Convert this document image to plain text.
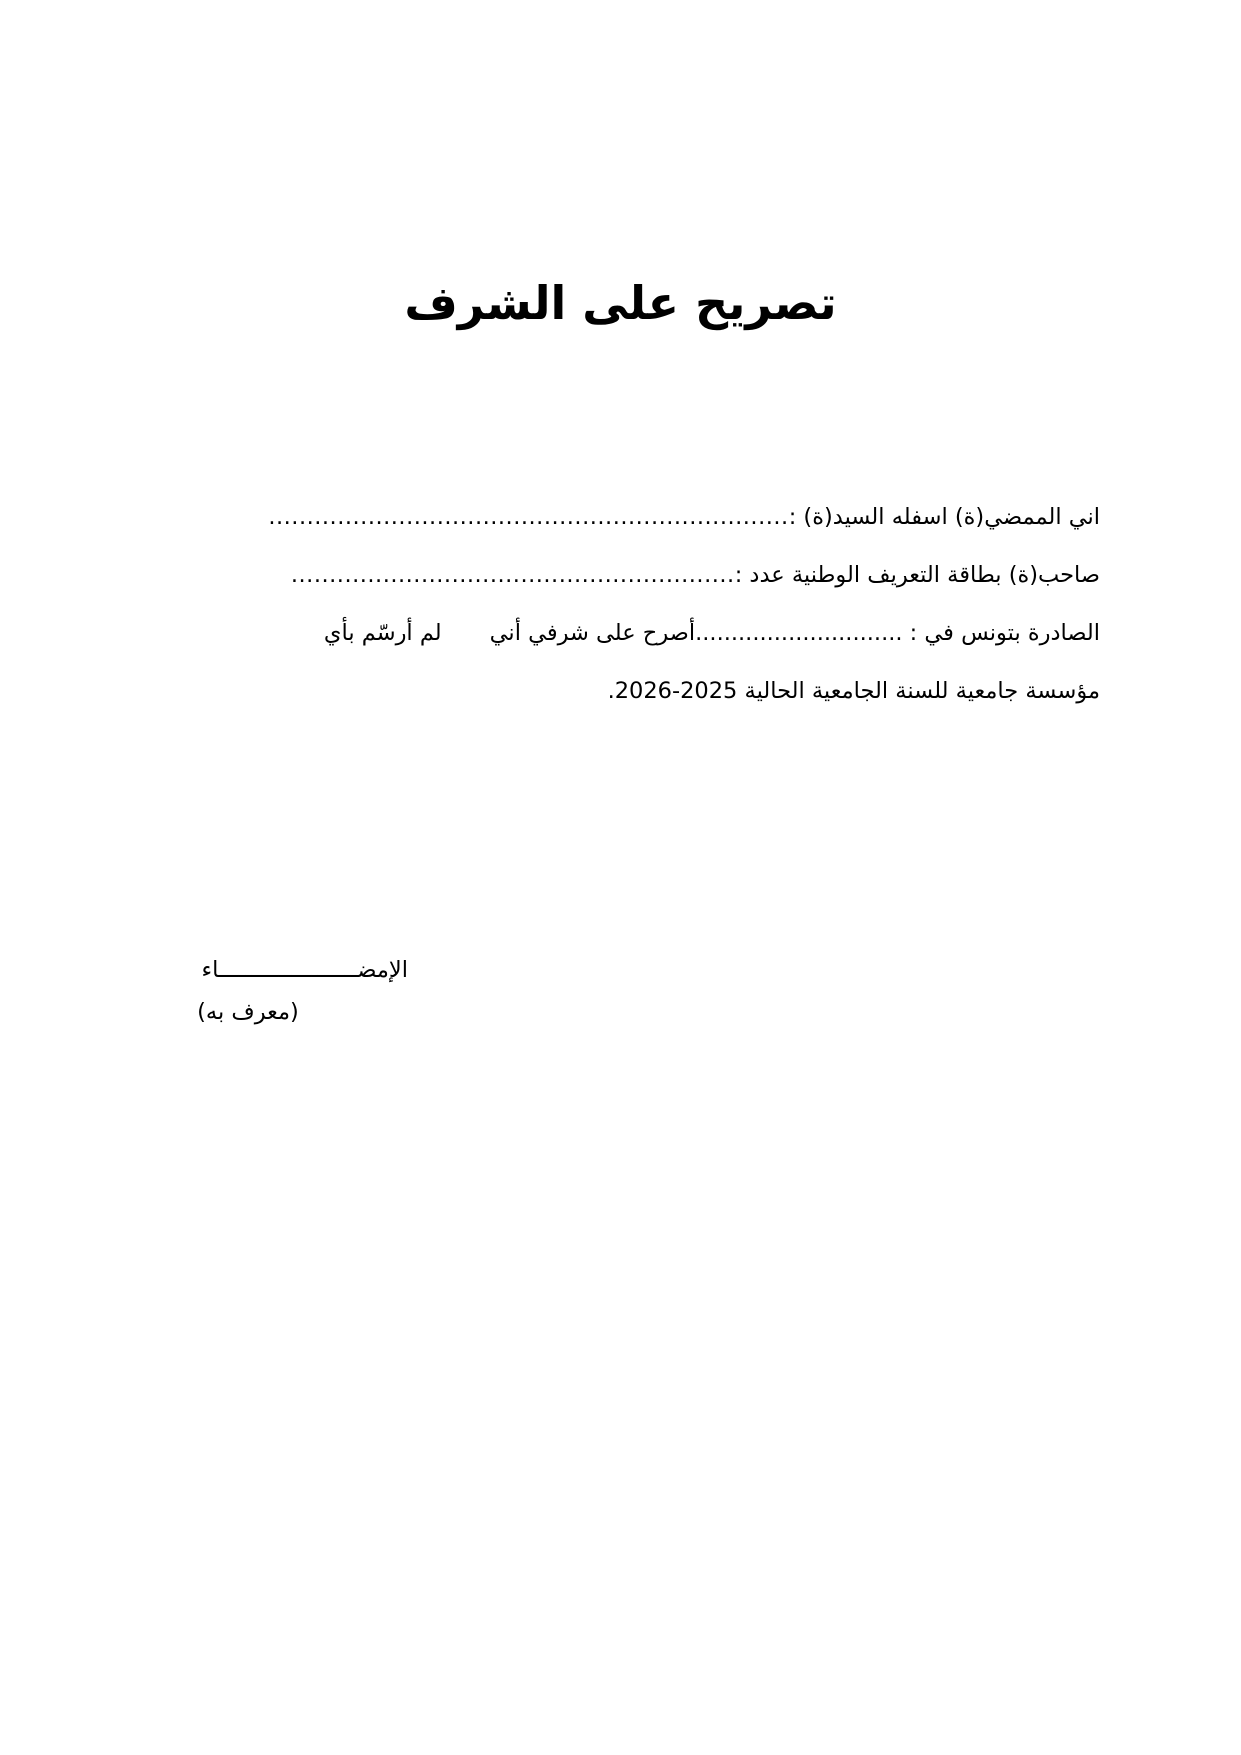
تصريح على الشرف
اني الممضي(ة) اسفله السيد(ة) :
....................................................................
صاحب(ة) بطاقة التعريف الوطنية عدد :
..........................................................
الصادرة بتونس في : .............................أصرح على شرفي أنيلم أرسّم بأي
مؤسسة جامعية للسنة الجامعية الحالية 2025-2026.
الإمضـــــــــــــــــــــاء
(معرف به)
